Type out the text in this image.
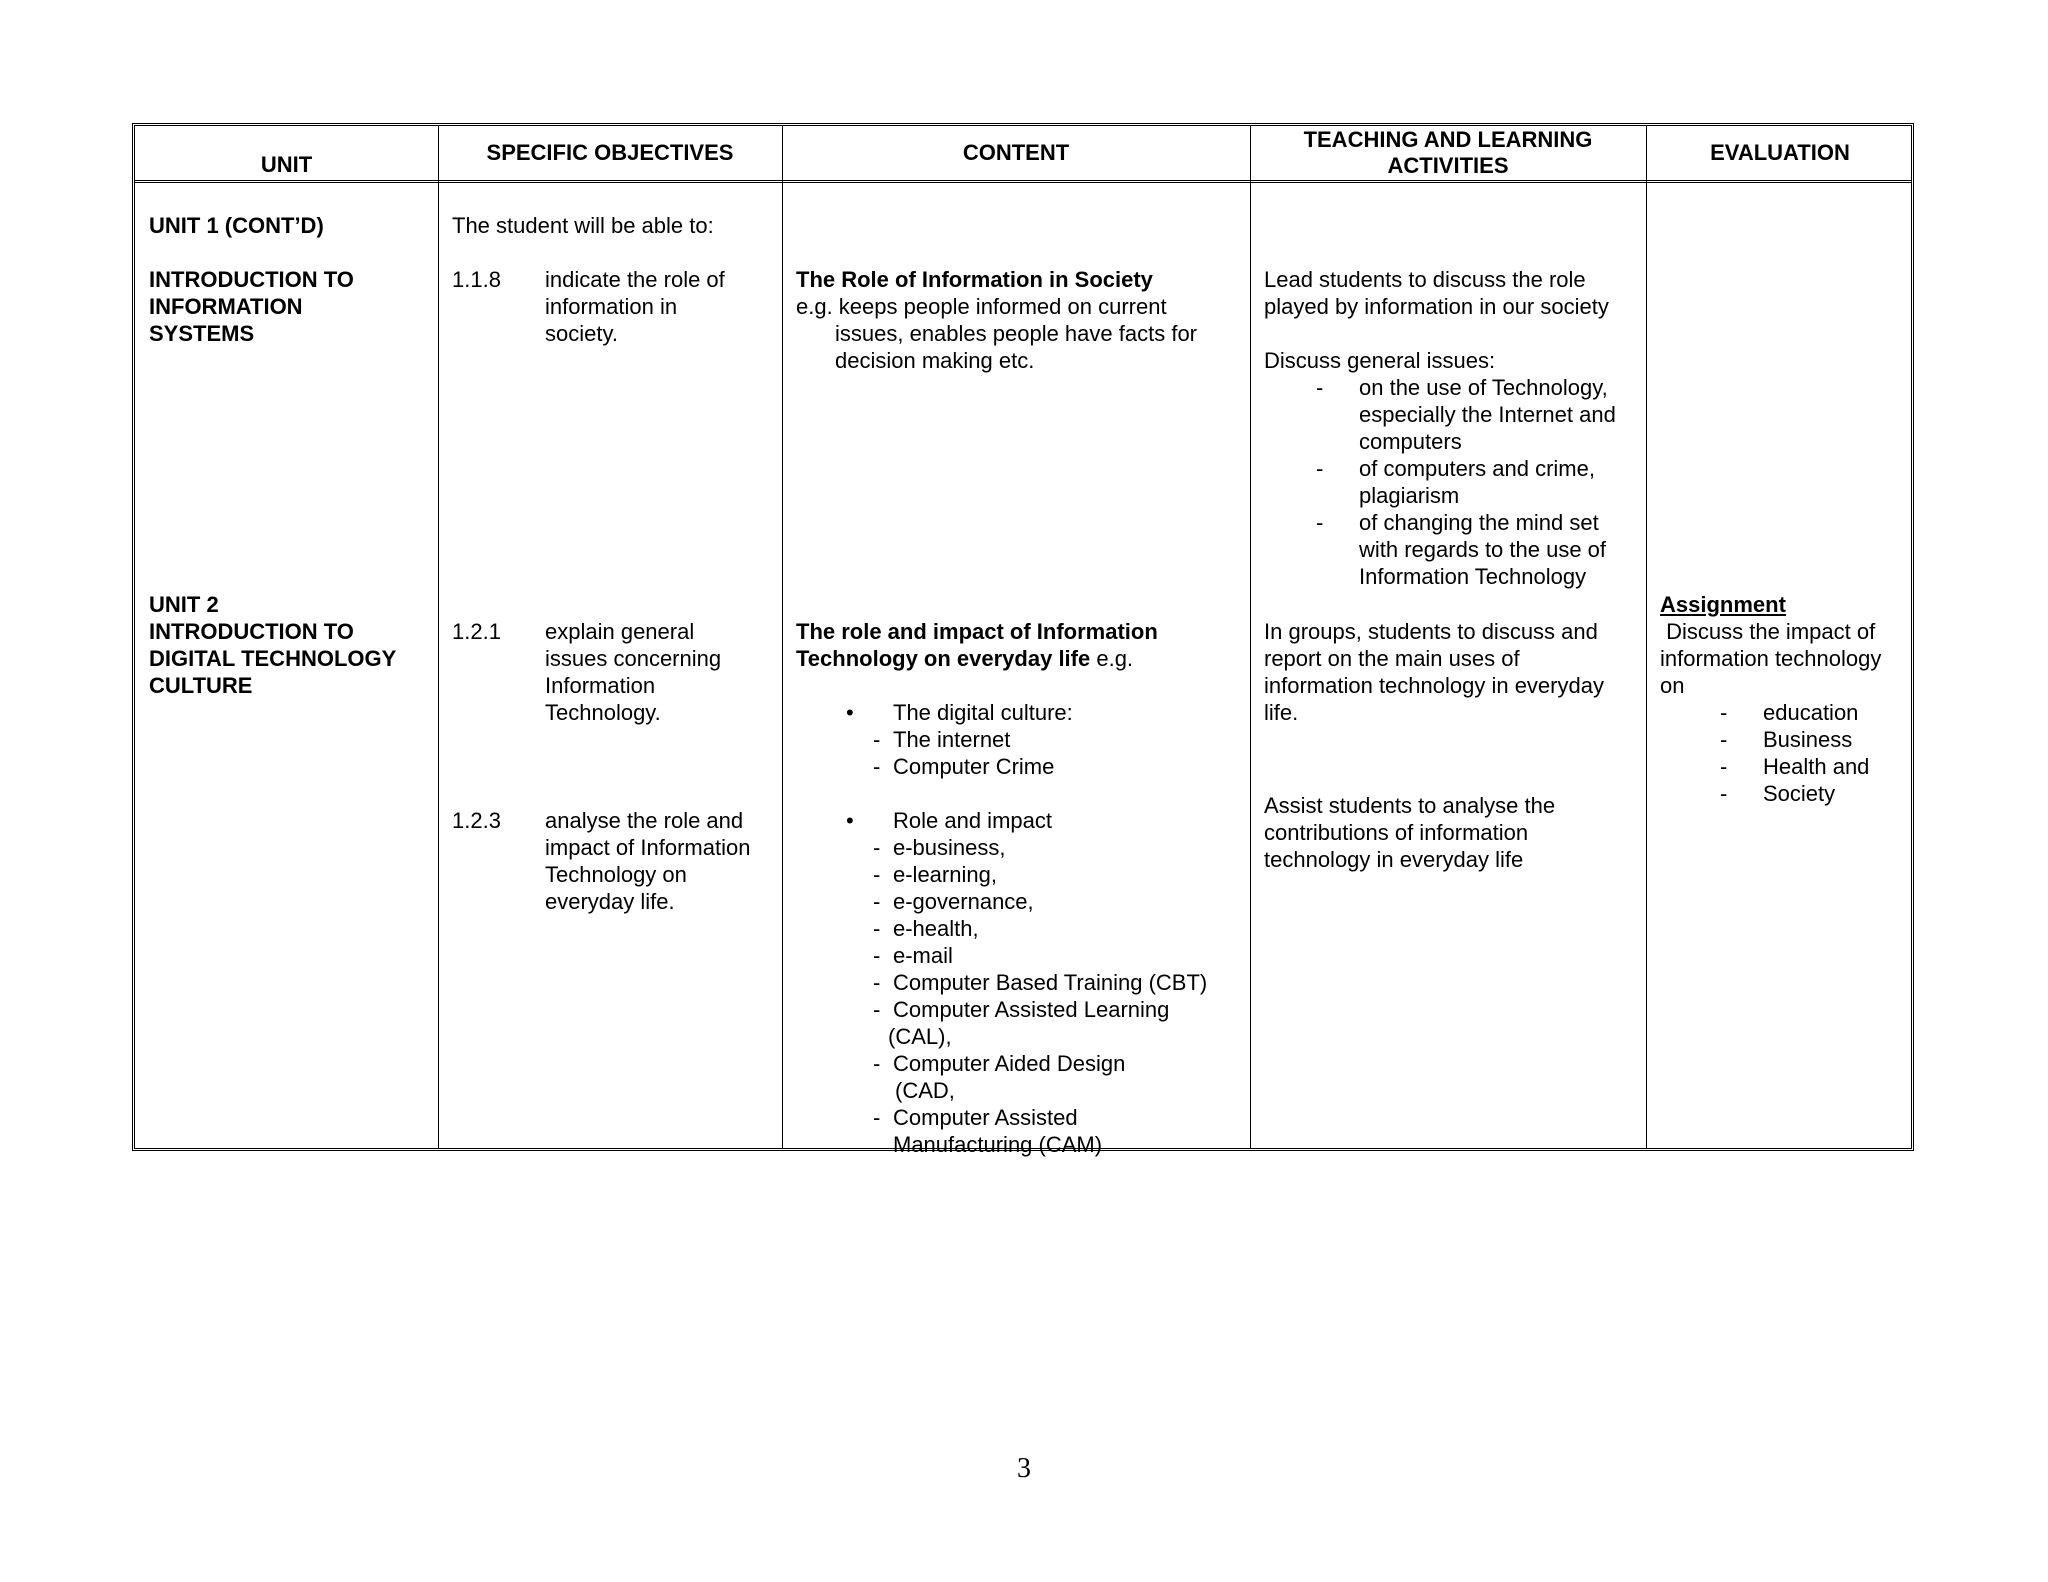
UNIT	SPECIFIC OBJECTIVES	CONTENT
TEACHING AND LEARNING ACTIVITIES
EVALUATION

UNIT 1 (CONT’D)

INTRODUCTION TO

INFORMATION

SYSTEMS

UNIT 2

INTRODUCTION TO

DIGITAL TECHNOLOGY

CULTURE

The student will be able to:

1.1.8 indicate the role of

information in

society.

1.2.1 explain general

issues concerning

Information

Technology.

1.2.3 analyse the role and

impact of Information

Technology on

everyday life.

The Role of Information in Society

e.g. keeps people informed on current

issues, enables people have facts for

decision making etc.

The role and impact of Information

Technology on everyday life e.g.

• The digital culture:

- The internet

- Computer Crime

• Role and impact

- e-business,

- e-learning,

- e-governance,

- e-health,

- e-mail

- Computer Based Training (CBT)

- Computer Assisted Learning

(CAL),

- Computer Aided Design

(CAD,

- Computer Assisted

Manufacturing (CAM)

Lead students to discuss the role

played by information in our society

Discuss general issues:

- on the use of Technology,

especially the Internet and

computers

- of computers and crime,

plagiarism

- of changing the mind set

with regards to the use of

Information Technology

In groups, students to discuss and

report on the main uses of

information technology in everyday

life.

Assist students to analyse the

contributions of information

technology in everyday life

Assignment

Discuss the impact of

information technology

on

- education

- Business

- Health and

- Society

3
